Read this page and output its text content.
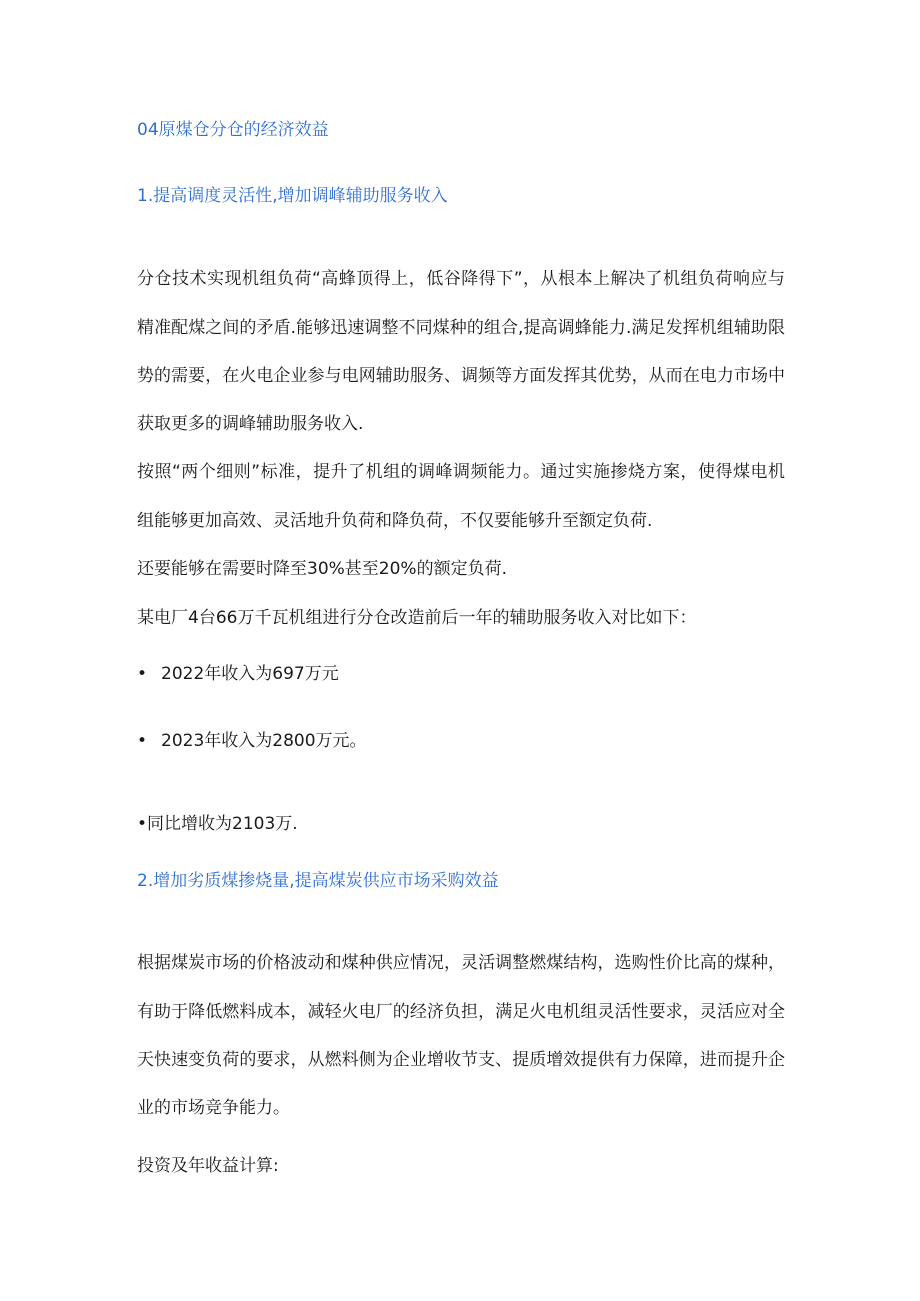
04原煤仓分仓的经济效益
1.提高调度灵活性,增加调峰辅助服务收入
分仓技术实现机组负荷“高蜂顶得上，低谷降得下”，从根本上解决了机组负荷响应与
精准配煤之间的矛盾.能够迅速调整不同煤种的组合,提高调蜂能力.满足发挥机组辅助限
势的需要，在火电企业参与电网辅助服务、调频等方面发挥其优势，从而在电力市场中
获取更多的调峰辅助服务收入.
按照“两个细则”标准，提升了机组的调峰调频能力。通过实施掺烧方案，使得煤电机
组能够更加高效、灵活地升负荷和降负荷，不仅要能够升至额定负荷.
还要能够在需要时降至30%甚至20%的额定负荷.
某电厂4台66万千瓦机组进行分仓改造前后一年的辅助服务收入对比如下：
• 2022年收入为697万元
• 2023年收入为2800万元。
•同比增收为2103万.
2.增加劣质煤掺烧量,提高煤炭供应市场采购效益
根据煤炭市场的价格波动和煤种供应情况，灵活调整燃煤结构，选购性价比高的煤种，
有助于降低燃料成本，减轻火电厂的经济负担，满足火电机组灵活性要求，灵活应对全
天快速变负荷的要求，从燃料侧为企业增收节支、提质增效提供有力保障，进而提升企
业的市场竞争能力。
投资及年收益计算:
